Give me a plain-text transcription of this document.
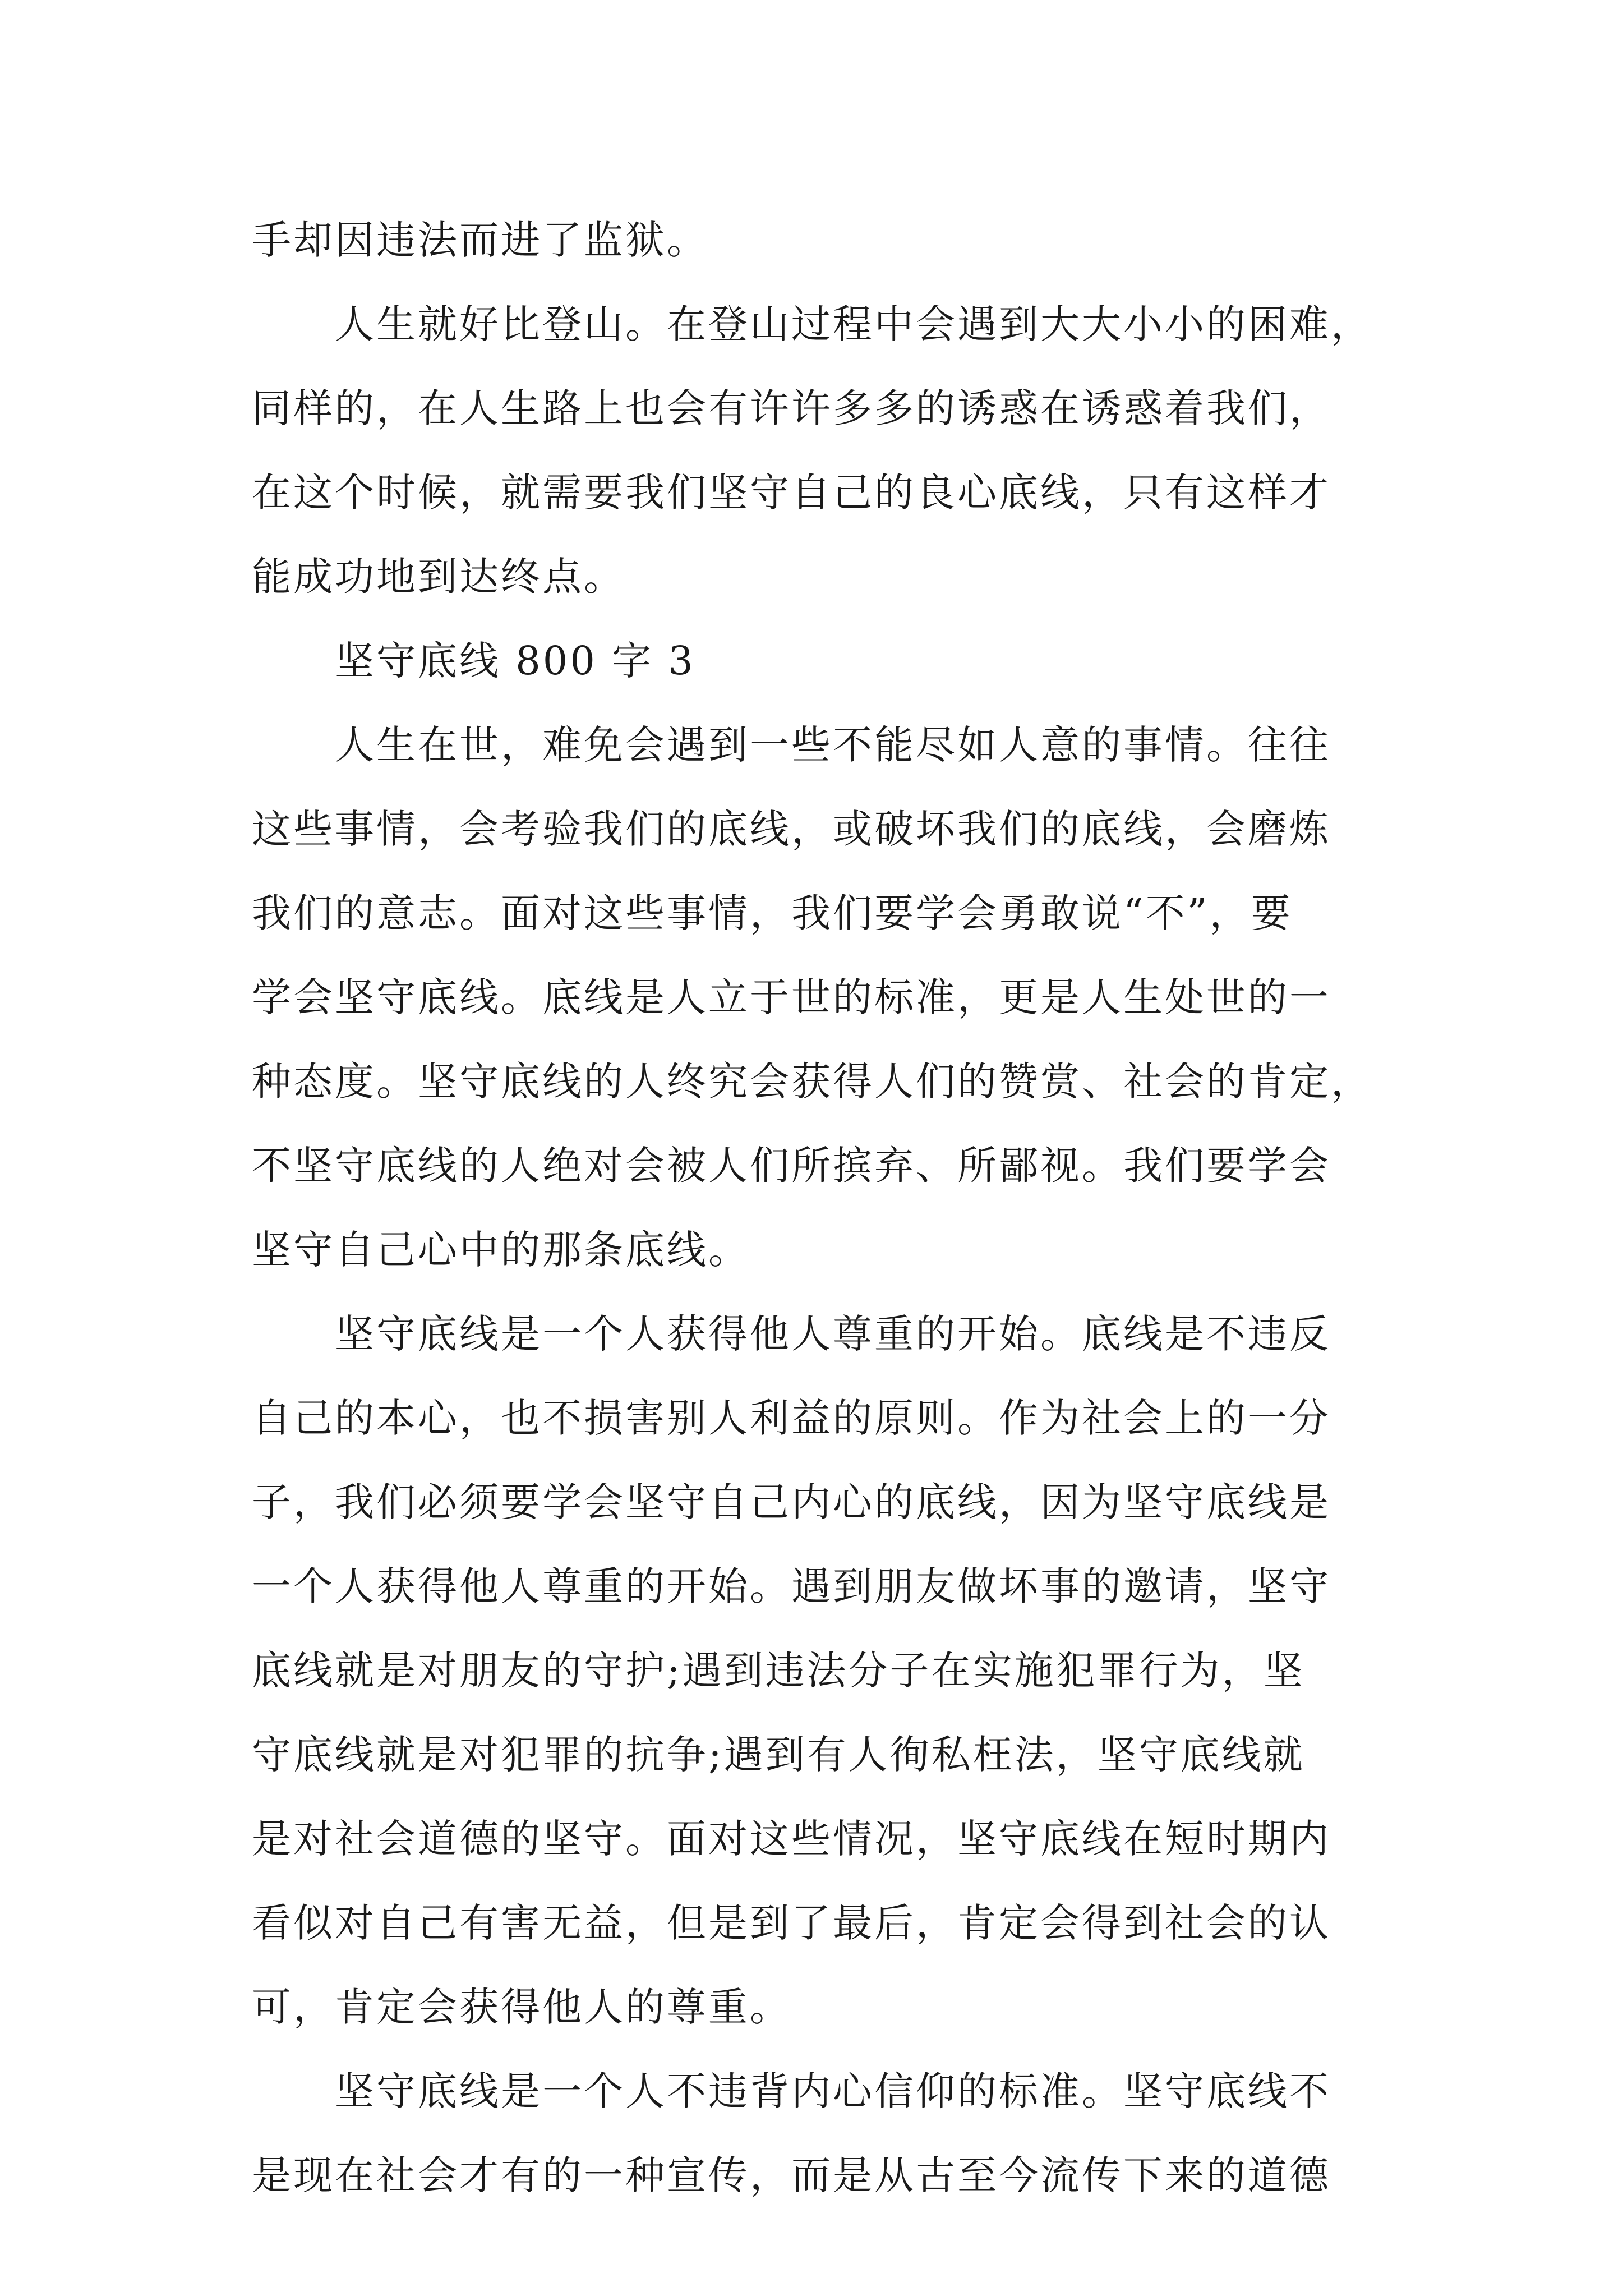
手却因违法而进了监狱。
人生就好比登山。在登山过程中会遇到大大小小的困难，
同样的，在人生路上也会有许许多多的诱惑在诱惑着我们，
在这个时候，就需要我们坚守自己的良心底线，只有这样才
能成功地到达终点。
坚守底线 800 字 3
人生在世，难免会遇到一些不能尽如人意的事情。往往
这些事情，会考验我们的底线，或破坏我们的底线，会磨炼
我们的意志。面对这些事情，我们要学会勇敢说“不”，要
学会坚守底线。底线是人立于世的标准，更是人生处世的一
种态度。坚守底线的人终究会获得人们的赞赏、社会的肯定，
不坚守底线的人绝对会被人们所摈弃、所鄙视。我们要学会
坚守自己心中的那条底线。
坚守底线是一个人获得他人尊重的开始。底线是不违反
自己的本心，也不损害别人利益的原则。作为社会上的一分
子，我们必须要学会坚守自己内心的底线，因为坚守底线是
一个人获得他人尊重的开始。遇到朋友做坏事的邀请，坚守
底线就是对朋友的守护;遇到违法分子在实施犯罪行为，坚
守底线就是对犯罪的抗争;遇到有人徇私枉法，坚守底线就
是对社会道德的坚守。面对这些情况，坚守底线在短时期内
看似对自己有害无益，但是到了最后，肯定会得到社会的认
可，肯定会获得他人的尊重。
坚守底线是一个人不违背内心信仰的标准。坚守底线不
是现在社会才有的一种宣传，而是从古至今流传下来的道德
